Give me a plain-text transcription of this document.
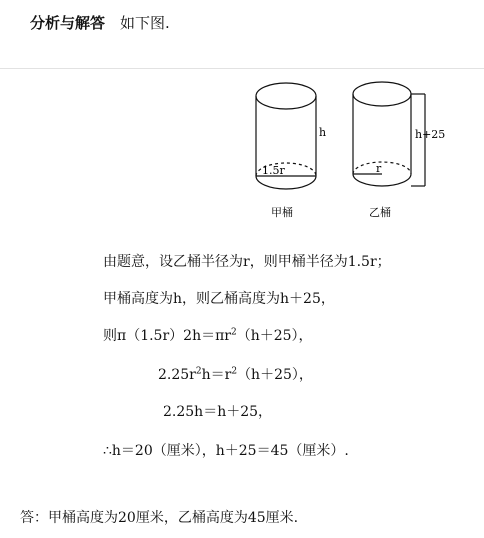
分析与解答 如下图.
1.5r
h
甲桶
r
h+25
乙桶
由题意，设乙桶半径为r，则甲桶半径为1.5r；
甲桶高度为h，则乙桶高度为h＋25，
则$\pi(1.5r)2h=\pi r^2(h+25)$，
$2.25r^2h=r^2(h+25)$，
2.25h＝h＋25，
∴h＝20（厘米），h＋25＝45（厘米）.
答：甲桶高度为20厘米，乙桶高度为45厘米.
